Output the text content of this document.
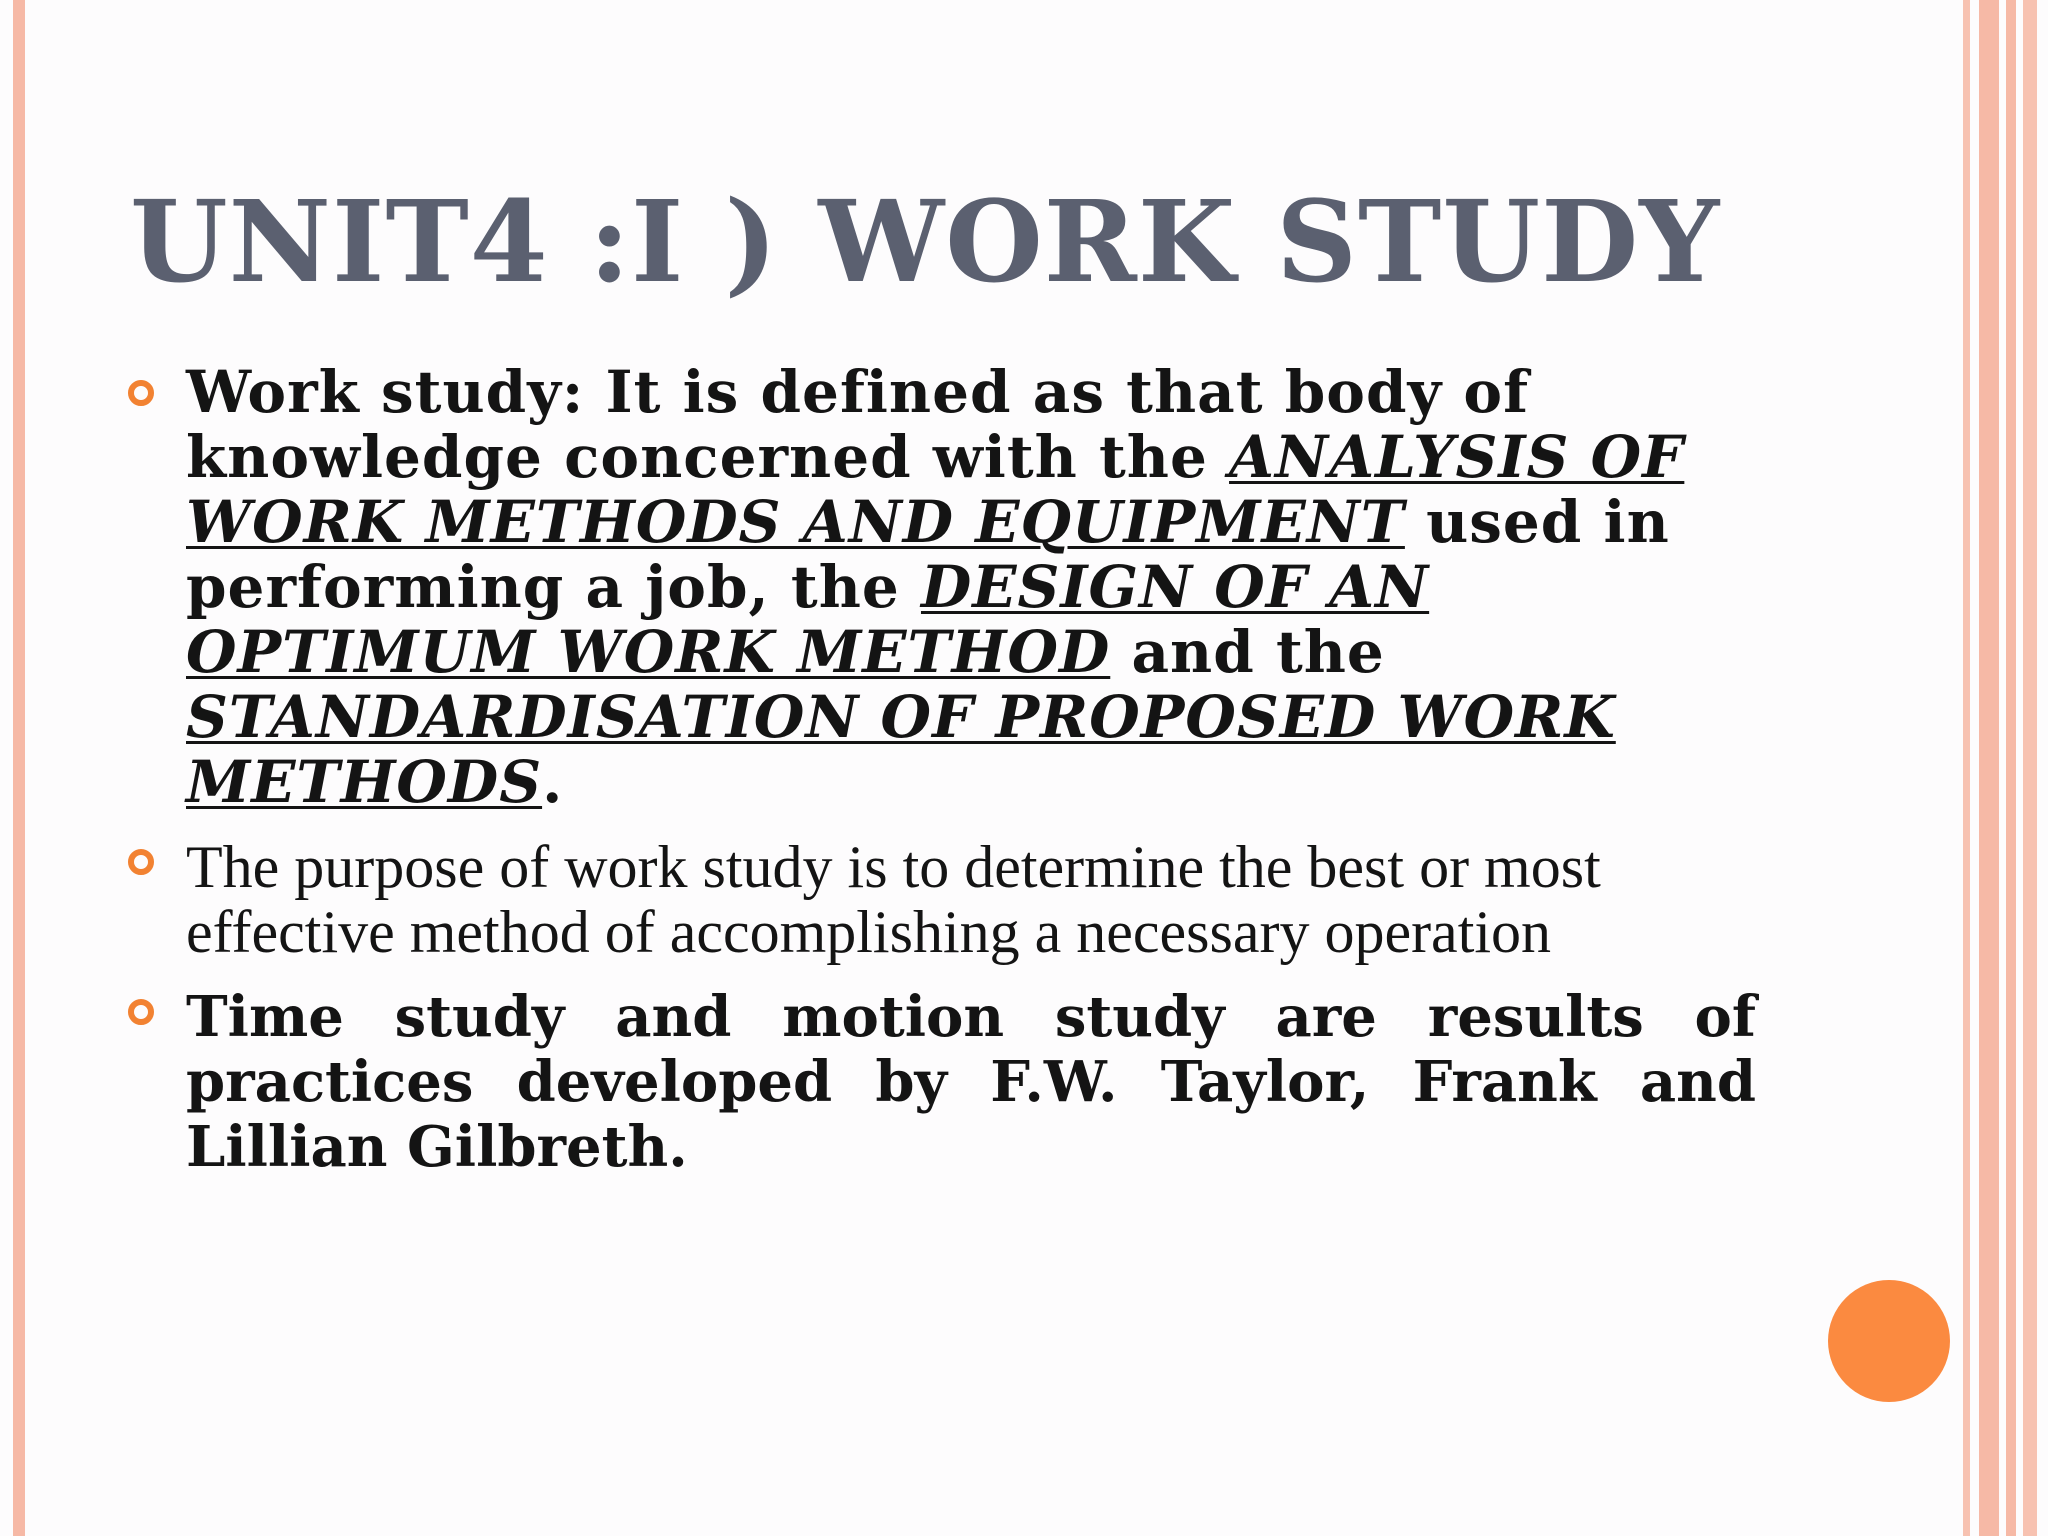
UNIT4 :I ) WORK STUDY
Work study: It is defined as that body of knowledge concerned with the ANALYSIS OF WORK METHODS AND EQUIPMENT used in performing a job, the DESIGN OF AN OPTIMUM WORK METHOD and the STANDARDISATION OF PROPOSED WORK METHODS.
The purpose of work study is to determine the best or most effective method of accomplishing a necessary operation
Time study and motion study are results of practices developed by F.W. Taylor, Frank and Lillian Gilbreth.
